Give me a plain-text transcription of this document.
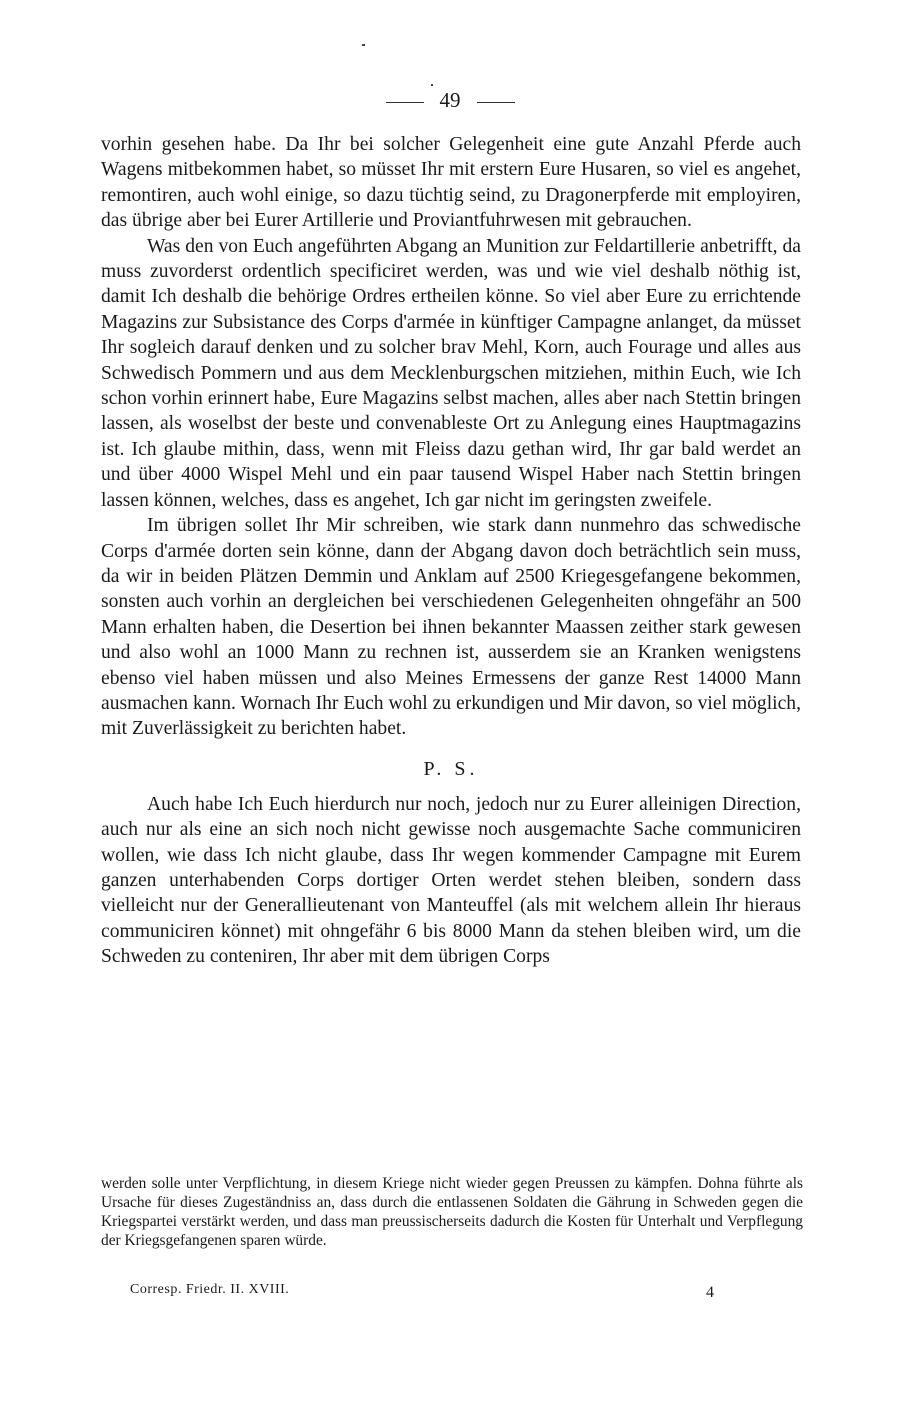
49

vorhin gesehen habe. Da Ihr bei solcher Gelegenheit eine gute Anzahl Pferde auch Wagens mitbekommen habet, so müsset Ihr mit erstern Eure Husaren, so viel es angehet, remontiren, auch wohl einige, so dazu tüchtig seind, zu Dragonerpferde mit employiren, das übrige aber bei Eurer Artillerie und Proviantfuhrwesen mit gebrauchen.

Was den von Euch angeführten Abgang an Munition zur Feldartillerie anbetrifft, da muss zuvorderst ordentlich specificiret werden, was und wie viel deshalb nöthig ist, damit Ich deshalb die behörige Ordres ertheilen könne. So viel aber Eure zu errichtende Magazins zur Subsistance des Corps d'armée in künftiger Campagne anlanget, da müsset Ihr sogleich darauf denken und zu solcher brav Mehl, Korn, auch Fourage und alles aus Schwedisch Pommern und aus dem Mecklenburgschen mitziehen, mithin Euch, wie Ich schon vorhin erinnert habe, Eure Magazins selbst machen, alles aber nach Stettin bringen lassen, als woselbst der beste und convenableste Ort zu Anlegung eines Hauptmagazins ist. Ich glaube mithin, dass, wenn mit Fleiss dazu gethan wird, Ihr gar bald werdet an und über 4000 Wispel Mehl und ein paar tausend Wispel Haber nach Stettin bringen lassen können, welches, dass es angehet, Ich gar nicht im geringsten zweifele.

Im übrigen sollet Ihr Mir schreiben, wie stark dann nunmehro das schwedische Corps d'armée dorten sein könne, dann der Abgang davon doch beträchtlich sein muss, da wir in beiden Plätzen Demmin und Anklam auf 2500 Kriegesgefangene bekommen, sonsten auch vorhin an dergleichen bei verschiedenen Gelegenheiten ohngefähr an 500 Mann erhalten haben, die Desertion bei ihnen bekannter Maassen zeither stark gewesen und also wohl an 1000 Mann zu rechnen ist, ausserdem sie an Kranken wenigstens ebenso viel haben müssen und also Meines Ermessens der ganze Rest 14000 Mann ausmachen kann. Wornach Ihr Euch wohl zu erkundigen und Mir davon, so viel möglich, mit Zuverlässigkeit zu berichten habet.

P. S.

Auch habe Ich Euch hierdurch nur noch, jedoch nur zu Eurer alleinigen Direction, auch nur als eine an sich noch nicht gewisse noch ausgemachte Sache communiciren wollen, wie dass Ich nicht glaube, dass Ihr wegen kommender Campagne mit Eurem ganzen unterhabenden Corps dortiger Orten werdet stehen bleiben, sondern dass vielleicht nur der Generallieutenant von Manteuffel (als mit welchem allein Ihr hieraus communiciren könnet) mit ohngefähr 6 bis 8000 Mann da stehen bleiben wird, um die Schweden zu conteniren, Ihr aber mit dem übrigen Corps

werden solle unter Verpflichtung, in diesem Kriege nicht wieder gegen Preussen zu kämpfen. Dohna führte als Ursache für dieses Zugeständniss an, dass durch die entlassenen Soldaten die Gährung in Schweden gegen die Kriegspartei verstärkt werden, und dass man preussischerseits dadurch die Kosten für Unterhalt und Verpflegung der Kriegsgefangenen sparen würde.

Corresp. Friedr. II. XVIII.	4
